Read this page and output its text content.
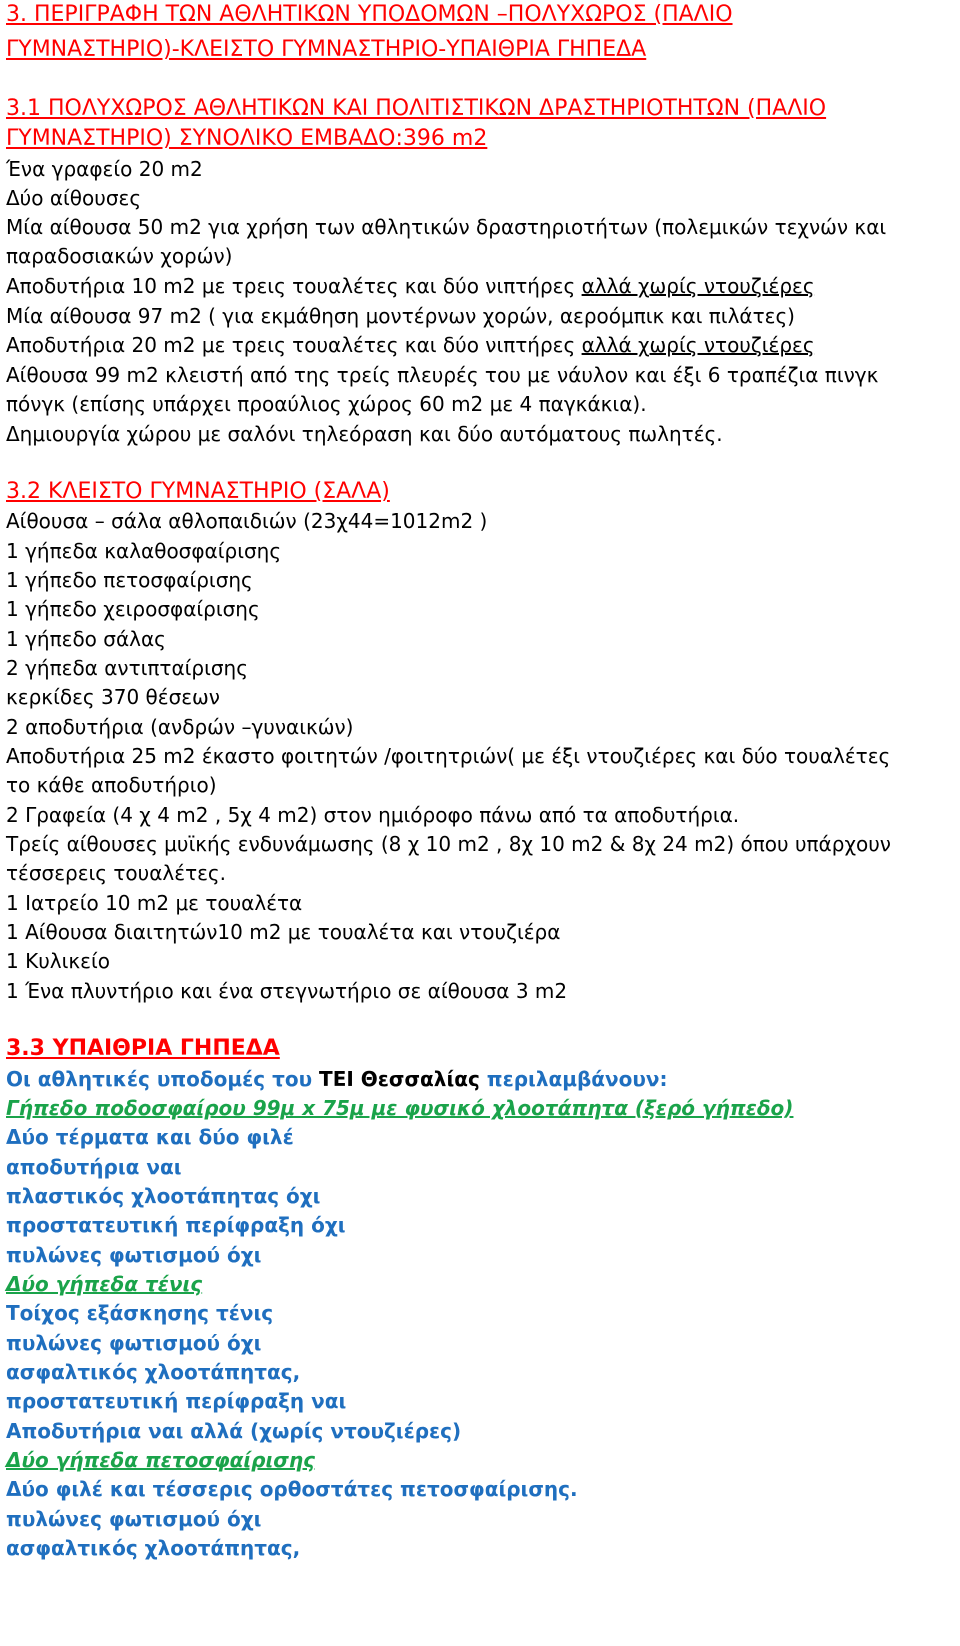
3. ΠΕΡΙΓΡΑΦΗ ΤΩΝ ΑΘΛΗΤΙΚΩΝ ΥΠΟΔΟΜΩΝ –ΠΟΛΥΧΩΡΟΣ (ΠΑΛΙΟ

ΓΥΜΝΑΣΤΗΡΙΟ)-ΚΛΕΙΣΤΟ ΓΥΜΝΑΣΤΗΡΙΟ-ΥΠΑΙΘΡΙΑ ΓΗΠΕΔΑ

3.1 ΠΟΛΥΧΩΡΟΣ ΑΘΛΗΤΙΚΩΝ ΚΑΙ ΠΟΛΙΤΙΣΤΙΚΩΝ ΔΡΑΣΤΗΡΙΟΤΗΤΩΝ (ΠΑΛΙΟ

ΓΥΜΝΑΣΤΗΡΙΟ) ΣΥΝΟΛΙΚΟ ΕΜΒΑΔΟ:396 m2

Ένα γραφείο 20 m2

Δύο αίθουσες

Μία αίθουσα 50 m2 για χρήση των αθλητικών δραστηριοτήτων (πολεμικών τεχνών και

παραδοσιακών χορών)

Αποδυτήρια 10 m2 με τρεις τουαλέτες και δύο νιπτήρες αλλά χωρίς ντουζιέρες

Μία αίθουσα 97 m2 ( για εκμάθηση μοντέρνων χορών, αεροόμπικ και πιλάτες)

Αποδυτήρια 20 m2 με τρεις τουαλέτες και δύο νιπτήρες αλλά χωρίς ντουζιέρες

Αίθουσα 99 m2 κλειστή από της τρείς πλευρές του με νάυλον και έξι 6 τραπέζια πινγκ

πόνγκ (επίσης υπάρχει προαύλιος χώρος 60 m2 με 4 παγκάκια).

Δημιουργία χώρου με σαλόνι τηλεόραση και δύο αυτόματους πωλητές.

3.2 ΚΛΕΙΣΤΟ ΓΥΜΝΑΣΤΗΡΙΟ (ΣΑΛΑ)

Αίθουσα – σάλα αθλοπαιδιών (23χ44=1012m2 )

1 γήπεδα καλαθοσφαίρισης

1 γήπεδο πετοσφαίρισης

1 γήπεδο χειροσφαίρισης

1 γήπεδο σάλας

2 γήπεδα αντιπταίρισης

κερκίδες 370 θέσεων

2 αποδυτήρια (ανδρών –γυναικών)

Αποδυτήρια 25 m2 έκαστο φοιτητών /φοιτητριών( με έξι ντουζιέρες και δύο τουαλέτες

το κάθε αποδυτήριο)

2 Γραφεία (4 χ 4 m2 , 5χ 4 m2) στον ημιόροφο πάνω από τα αποδυτήρια.

Τρείς αίθουσες μυϊκής ενδυνάμωσης (8 χ 10 m2 , 8χ 10 m2 & 8χ 24 m2) όπου υπάρχουν

τέσσερεις τουαλέτες.

1 Ιατρείο 10 m2 με τουαλέτα

1 Αίθουσα διαιτητών10 m2 με τουαλέτα και ντουζιέρα

1 Κυλικείο

1 Ένα πλυντήριο και ένα στεγνωτήριο σε αίθουσα 3 m2

3.3 ΥΠΑΙΘΡΙΑ ΓΗΠΕΔΑ

Οι αθλητικές υποδομές του ΤΕΙ Θεσσαλίας περιλαμβάνουν:

Γήπεδο ποδοσφαίρου 99μ x 75μ με φυσικό χλοοτάπητα (ξερό γήπεδο)

Δύο τέρματα και δύο φιλέ

αποδυτήρια ναι

πλαστικός χλοοτάπητας όχι

προστατευτική περίφραξη όχι

πυλώνες φωτισμού όχι

Δύο γήπεδα τένις

Τοίχος εξάσκησης τένις

πυλώνες φωτισμού όχι

ασφαλτικός χλοοτάπητας,

προστατευτική περίφραξη ναι

Αποδυτήρια ναι αλλά (χωρίς ντουζιέρες)

Δύο γήπεδα πετοσφαίρισης

Δύο φιλέ και τέσσερις ορθοστάτες πετοσφαίρισης.

πυλώνες φωτισμού όχι

ασφαλτικός χλοοτάπητας,
